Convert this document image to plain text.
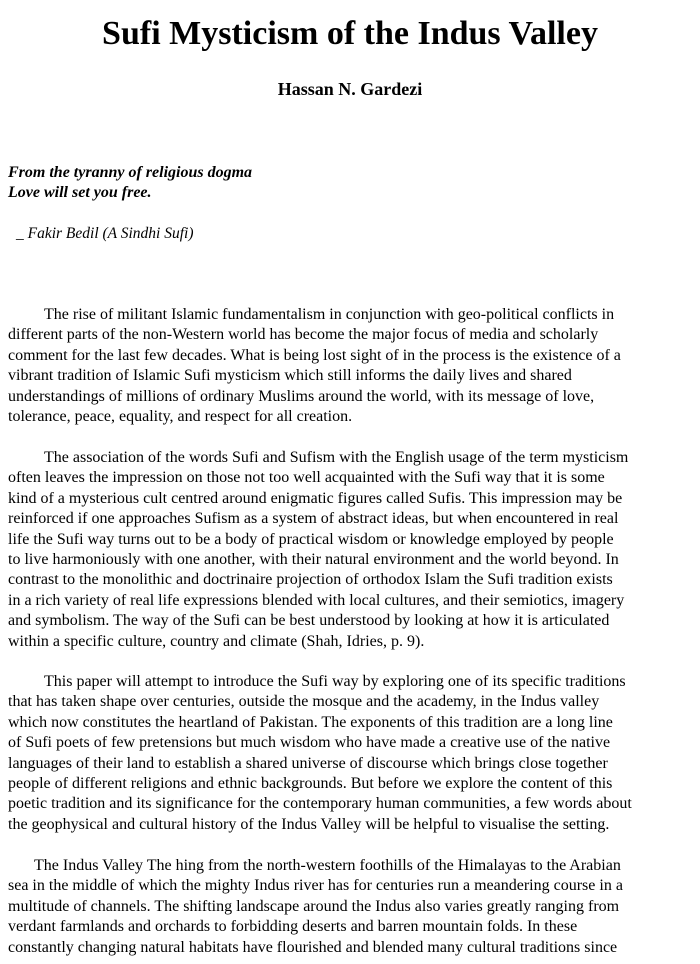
Sufi Mysticism of the Indus Valley
Hassan N. Gardezi
From the tyranny of religious dogma
Love will set you free.
_ Fakir Bedil (A Sindhi Sufi)
The rise of militant Islamic fundamentalism in conjunction with geo-political conflicts in
different parts of the non-Western world has become the major focus of media and scholarly
comment for the last few decades. What is being lost sight of in the process is the existence of a
vibrant tradition of Islamic Sufi mysticism which still informs the daily lives and shared
understandings of millions of ordinary Muslims around the world, with its message of love,
tolerance, peace, equality, and respect for all creation.
The association of the words Sufi and Sufism with the English usage of the term mysticism
often leaves the impression on those not too well acquainted with the Sufi way that it is some
kind of a mysterious cult centred around enigmatic figures called Sufis. This impression may be
reinforced if one approaches Sufism as a system of abstract ideas, but when encountered in real
life the Sufi way turns out to be a body of practical wisdom or knowledge employed by people
to live harmoniously with one another, with their natural environment and the world beyond. In
contrast to the monolithic and doctrinaire projection of orthodox Islam the Sufi tradition exists
in a rich variety of real life expressions blended with local cultures, and their semiotics, imagery
and symbolism. The way of the Sufi can be best understood by looking at how it is articulated
within a specific culture, country and climate (Shah, Idries, p. 9).
This paper will attempt to introduce the Sufi way by exploring one of its specific traditions
that has taken shape over centuries, outside the mosque and the academy, in the Indus valley
which now constitutes the heartland of Pakistan. The exponents of this tradition are a long line
of Sufi poets of few pretensions but much wisdom who have made a creative use of the native
languages of their land to establish a shared universe of discourse which brings close together
people of different religions and ethnic backgrounds. But before we explore the content of this
poetic tradition and its significance for the contemporary human communities, a few words about
the geophysical and cultural history of the Indus Valley will be helpful to visualise the setting.
The Indus Valley The hing from the north-western foothills of the Himalayas to the Arabian
sea in the middle of which the mighty Indus river has for centuries run a meandering course in a
multitude of channels. The shifting landscape around the Indus also varies greatly ranging from
verdant farmlands and orchards to forbidding deserts and barren mountain folds. In these
constantly changing natural habitats have flourished and blended many cultural traditions since
